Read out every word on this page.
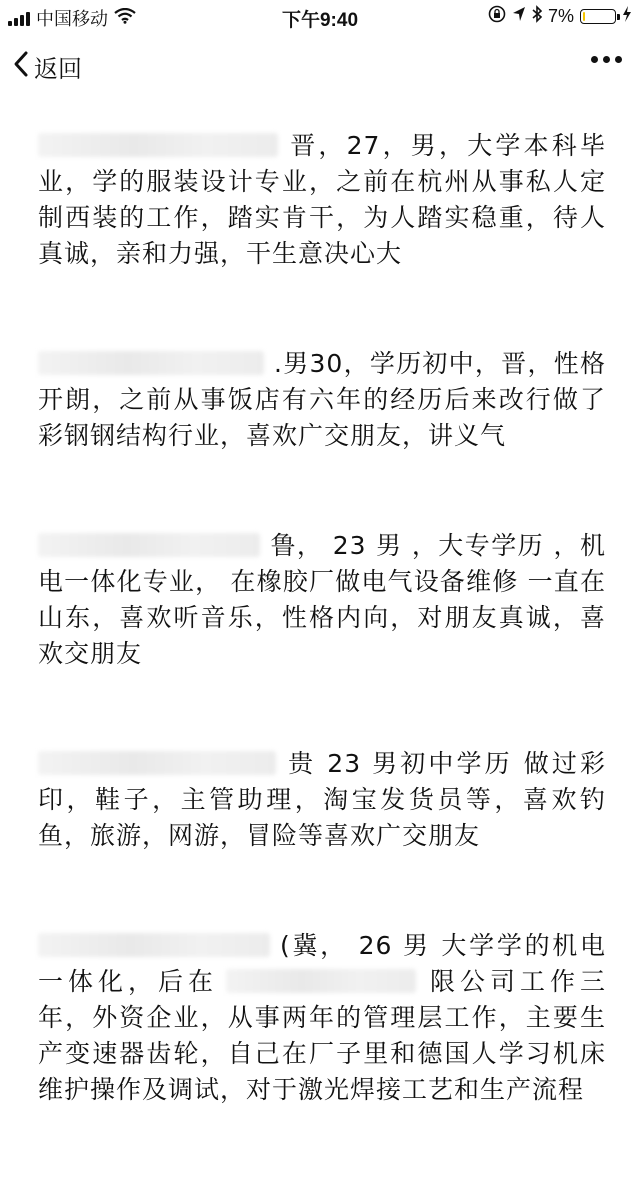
中国移动	下午9:40	7%
返回

晋，27，男，大学本科毕业，学的服装设计专业，之前在杭州从事私人定制西装的工作，踏实肯干，为人踏实稳重，待人真诚，亲和力强，干生意决心大

.男30，学历初中，晋，性格开朗，之前从事饭店有六年的经历后来改行做了彩钢钢结构行业，喜欢广交朋友，讲义气

鲁， 23 男 ，大专学历 ，机电一体化专业， 在橡胶厂做电气设备维修 一直在山东，喜欢听音乐，性格内向，对朋友真诚，喜欢交朋友

贵 23 男初中学历 做过彩印，鞋子，主管助理，淘宝发货员等，喜欢钓鱼，旅游，网游，冒险等喜欢广交朋友

(冀， 26 男 大学学的机电一体化，后在	限公司工作三年，外资企业，从事两年的管理层工作，主要生产变速器齿轮，自己在厂子里和德国人学习机床维护操作及调试，对于激光焊接工艺和生产流程
